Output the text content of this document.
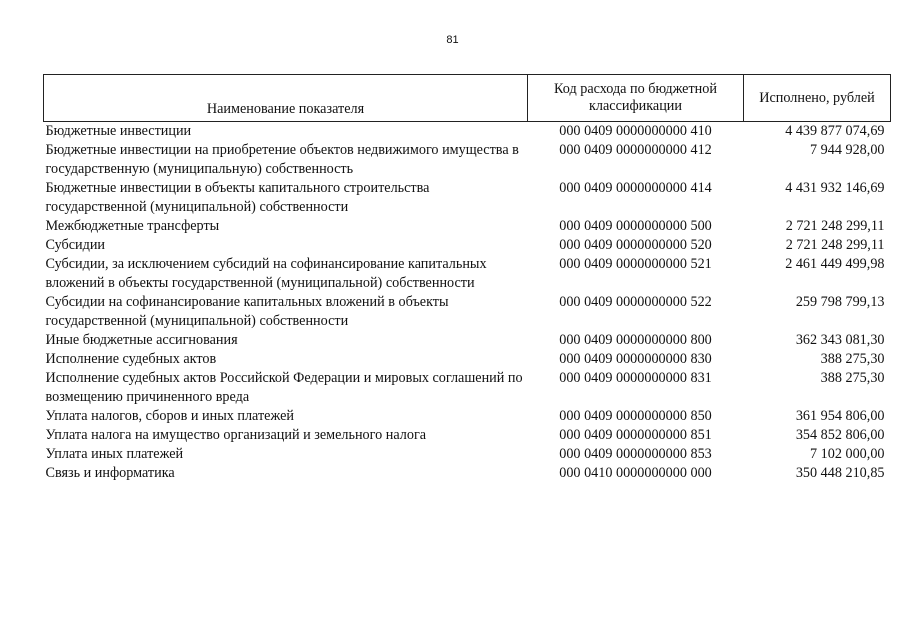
81
Наименование показателя	Код расхода по бюджетной классификации	Исполнено, рублей
Бюджетные инвестиции	000 0409 0000000000 410	4 439 877 074,69
Бюджетные инвестиции на приобретение объектов недвижимого имущества в государственную (муниципальную) собственность	000 0409 0000000000 412	7 944 928,00
Бюджетные инвестиции в объекты капитального строительства государственной (муниципальной) собственности	000 0409 0000000000 414	4 431 932 146,69
Межбюджетные трансферты	000 0409 0000000000 500	2 721 248 299,11
Субсидии	000 0409 0000000000 520	2 721 248 299,11
Субсидии, за исключением субсидий на софинансирование капитальных вложений в объекты государственной (муниципальной) собственности	000 0409 0000000000 521	2 461 449 499,98
Субсидии на софинансирование капитальных вложений в объекты государственной (муниципальной) собственности	000 0409 0000000000 522	259 798 799,13
Иные бюджетные ассигнования	000 0409 0000000000 800	362 343 081,30
Исполнение судебных актов	000 0409 0000000000 830	388 275,30
Исполнение судебных актов Российской Федерации и мировых соглашений по возмещению причиненного вреда	000 0409 0000000000 831	388 275,30
Уплата налогов, сборов и иных платежей	000 0409 0000000000 850	361 954 806,00
Уплата налога на имущество организаций и земельного налога	000 0409 0000000000 851	354 852 806,00
Уплата иных платежей	000 0409 0000000000 853	7 102 000,00
Связь и информатика	000 0410 0000000000 000	350 448 210,85
